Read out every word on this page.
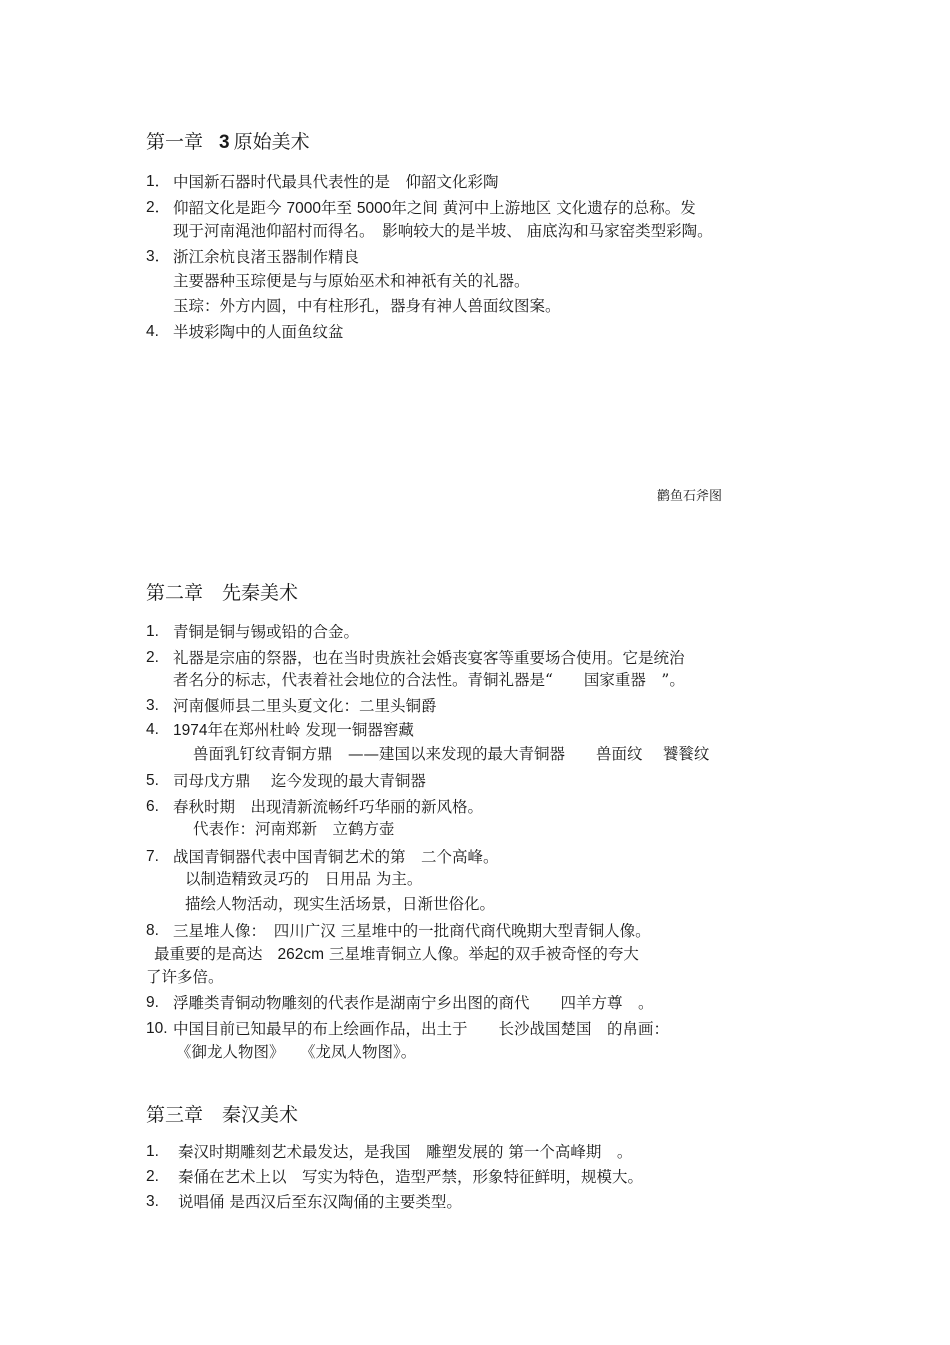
第一章 3 原始美术
1． 中国新石器时代最具代表性的是　仰韶文化彩陶
2． 仰韶文化是距今 7000年至 5000年之间 黄河中上游地区 文化遗存的总称。发
现于河南渑池仰韶村而得名。　影响较大的是半坡、 庙底沟和马家窑类型彩陶。
3． 浙江余杭良渚玉器制作精良
主要器种玉琮便是与与原始巫术和神祇有关的礼器。
玉琮：外方内圆，中有柱形孔，器身有神人兽面纹图案。
4. 半坡彩陶中的人面鱼纹盆
鹳鱼石斧图
第二章　先秦美术
1. 青铜是铜与锡或铅的合金。
2. 礼器是宗庙的祭器，也在当时贵族社会婚丧宴客等重要场合使用。它是统治
者名分的标志，代表着社会地位的合法性。青铜礼器是“　　国家重器　”。
3. 河南偃师县二里头夏文化：二里头铜爵
4. 1974年在郑州杜岭 发现一铜器窖藏
兽面乳钉纹青铜方鼎　——建国以来发现的最大青铜器　　兽面纹　 饕餮纹
5. 司母戊方鼎　 迄今发现的最大青铜器
6. 春秋时期　出现清新流畅纤巧华丽的新风格。
代表作：河南郑新　立鹤方壶
7. 战国青铜器代表中国青铜艺术的第　二个高峰。
以制造精致灵巧的　日用品 为主。
描绘人物活动，现实生活场景，日渐世俗化。
8. 三星堆人像：　四川广汉 三星堆中的一批商代商代晚期大型青铜人像。
最重要的是高达 262cm 三星堆青铜立人像。举起的双手被奇怪的夸大
了许多倍。
9. 浮雕类青铜动物雕刻的代表作是湖南宁乡出图的商代　　四羊方尊　。
10. 中国目前已知最早的布上绘画作品，出土于　　长沙战国楚国　的帛画：
《御龙人物图》　　《龙凤人物图》。
第三章　秦汉美术
1. 秦汉时期雕刻艺术最发达，是我国　雕塑发展的 第一个高峰期　。
2. 秦俑在艺术上以　写实为特色，造型严禁，形象特征鲜明，规模大。
3. 说唱俑 是西汉后至东汉陶俑的主要类型。
